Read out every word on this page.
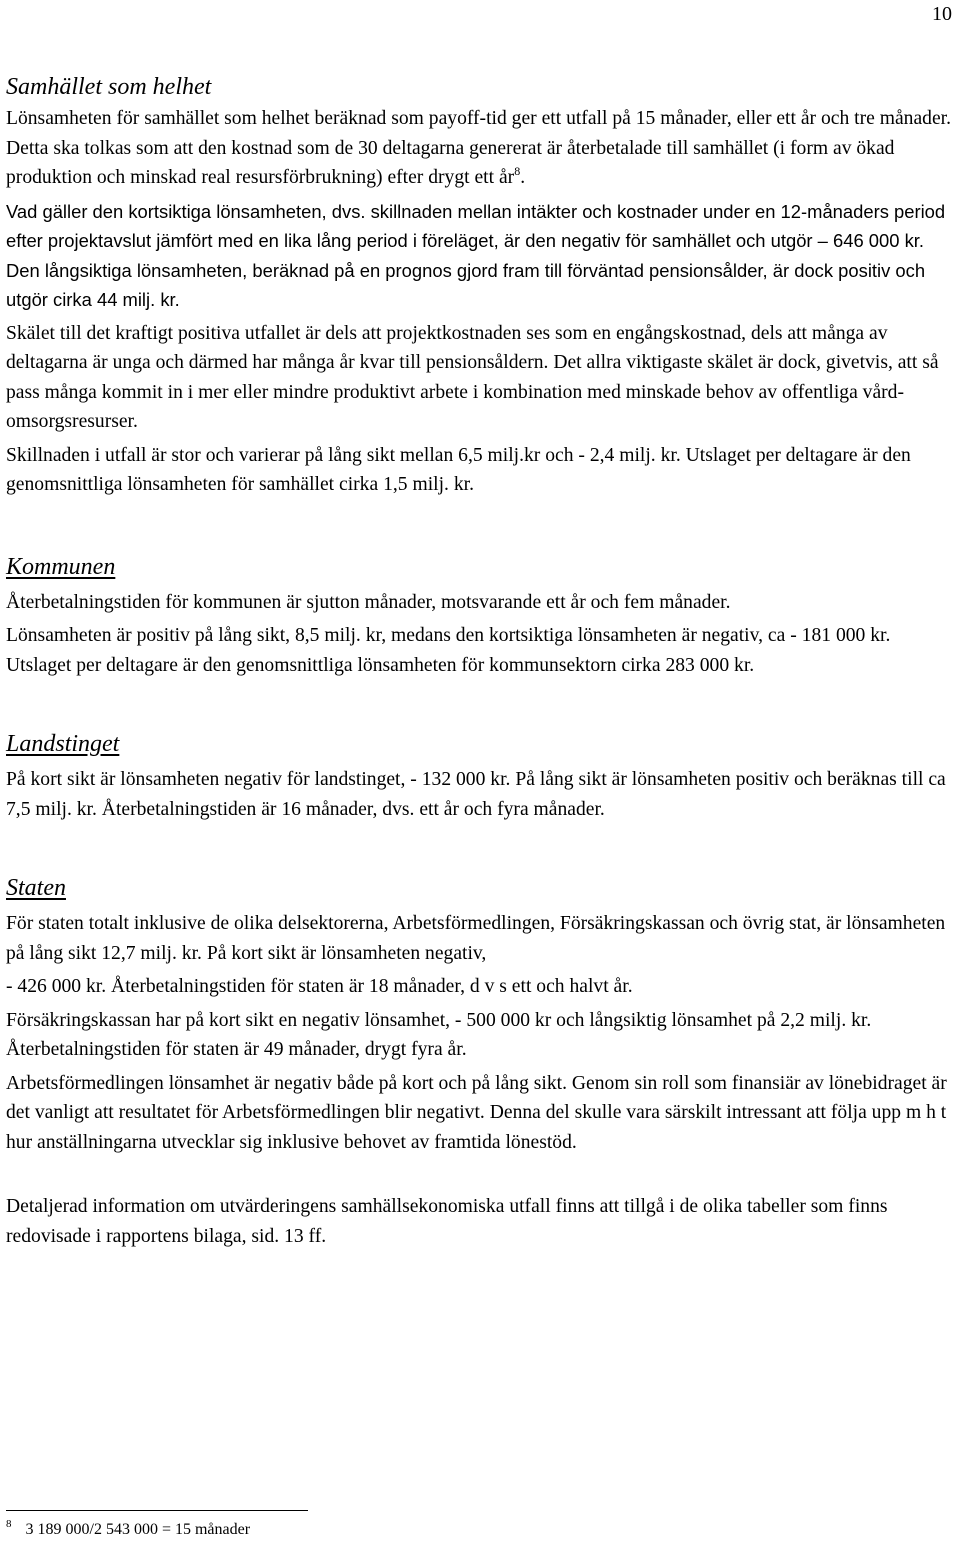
10
Samhället som helhet

Lönsamheten för samhället som helhet beräknad som payoff-tid ger ett utfall på 15 månader, eller ett år och tre månader. Detta ska tolkas som att den kostnad som de 30 deltagarna genererat är återbetalade till samhället (i form av ökad produktion och minskad real resursförbrukning) efter drygt ett $år^8$.

Vad gäller den kortsiktiga lönsamheten, dvs. skillnaden mellan intäkter och kostnader under en 12-månaders period efter projektavslut jämfört med en lika lång period i föreläget, är den negativ för samhället och utgör – 646 000 kr. Den långsiktiga lönsamheten, beräknad på en prognos gjord fram till förväntad pensionsålder, är dock positiv och utgör cirka 44 milj. kr.

Skälet till det kraftigt positiva utfallet är dels att projektkostnaden ses som en engångskostnad, dels att många av deltagarna är unga och därmed har många år kvar till pensionsåldern. Det allra viktigaste skälet är dock, givetvis, att så pass många kommit in i mer eller mindre produktivt arbete i kombination med minskade behov av offentliga vård- omsorgsresurser.

Skillnaden i utfall är stor och varierar på lång sikt mellan 6,5 milj.kr och - 2,4 milj. kr. Utslaget per deltagare är den genomsnittliga lönsamheten för samhället cirka 1,5 milj. kr.

Kommunen

Återbetalningstiden för kommunen är sjutton månader, motsvarande ett år och fem månader.

Lönsamheten är positiv på lång sikt, 8,5 milj. kr, medans den kortsiktiga lönsamheten är negativ, ca - 181 000 kr. Utslaget per deltagare är den genomsnittliga lönsamheten för kommunsektorn cirka 283 000 kr.

Landstinget

På kort sikt är lönsamheten negativ för landstinget, - 132 000 kr. På lång sikt är lönsamheten positiv och beräknas till ca 7,5 milj. kr. Återbetalningstiden är 16 månader, dvs. ett år och fyra månader.

Staten

För staten totalt inklusive de olika delsektorerna, Arbetsförmedlingen, Försäkringskassan och övrig stat, är lönsamheten på lång sikt 12,7 milj. kr. På kort sikt är lönsamheten negativ,

- 426 000 kr. Återbetalningstiden för staten är 18 månader, d v s ett och halvt år.

Försäkringskassan har på kort sikt en negativ lönsamhet, - 500 000 kr och långsiktig lönsamhet på 2,2 milj. kr. Återbetalningstiden för staten är 49 månader, drygt fyra år.

Arbetsförmedlingen lönsamhet är negativ både på kort och på lång sikt. Genom sin roll som finansiär av lönebidraget är det vanligt att resultatet för Arbetsförmedlingen blir negativt. Denna del skulle vara särskilt intressant att följa upp m h t hur anställningarna utvecklar sig inklusive behovet av framtida lönestöd.

Detaljerad information om utvärderingens samhällsekonomiska utfall finns att tillgå i de olika tabeller som finns redovisade i rapportens bilaga, sid. 13 ff.

$^8$ 3 189 000/2 543 000 = 15 månader
